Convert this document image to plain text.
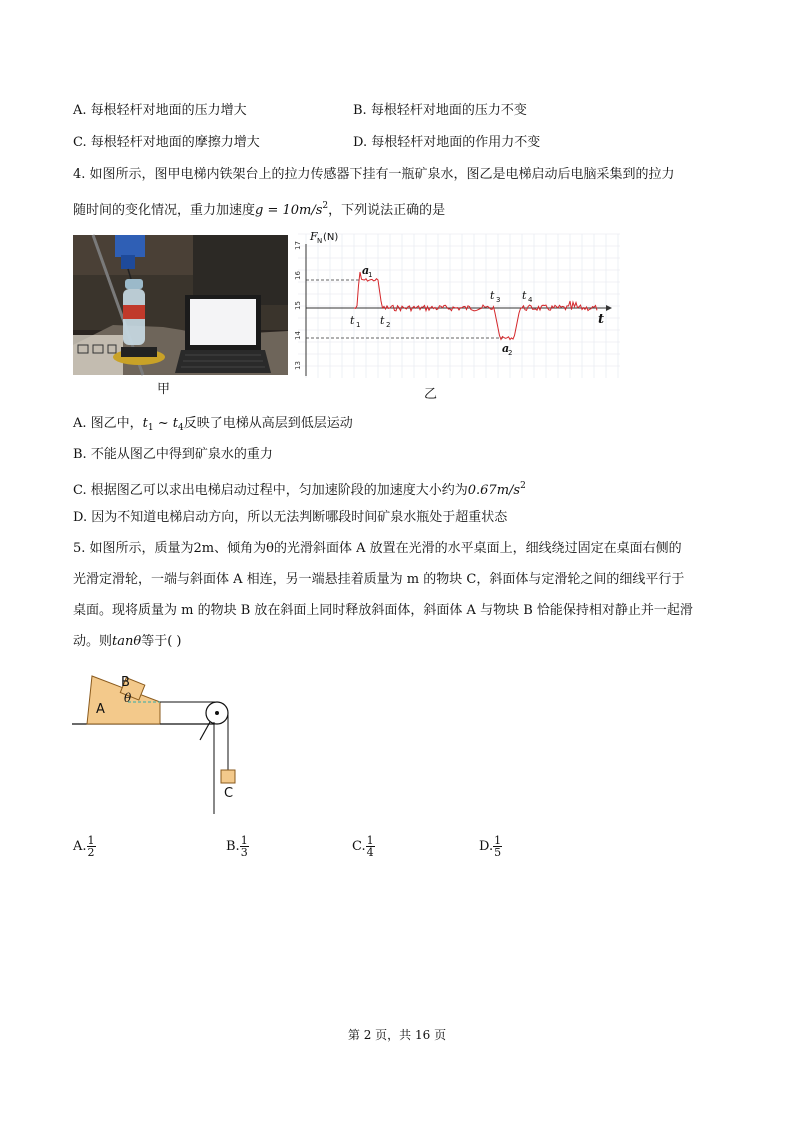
A. 每根轻杆对地面的压力增大	B. 每根轻杆对地面的压力不变
C. 每根轻杆对地面的摩擦力增大	D. 每根轻杆对地面的作用力不变
4. 如图所示，图甲电梯内铁架台上的拉力传感器下挂有一瓶矿泉水，图乙是电梯启动后电脑采集到的拉力
随时间的变化情况，重力加速度$g = 10m/s^2$，下列说法正确的是
甲
17
16
15
14
13
F N (N)
t
a
1
t 1 t 2
t 3 t 4
a
2
乙
A. 图乙中，$t_1$ ~ $t_4$反映了电梯从高层到低层运动
B. 不能从图乙中得到矿泉水的重力
C. 根据图乙可以求出电梯启动过程中，匀加速阶段的加速度大小约为$0.67m/s^2$
D. 因为不知道电梯启动方向，所以无法判断哪段时间矿泉水瓶处于超重状态
5. 如图所示，质量为2m、倾角为θ的光滑斜面体 A 放置在光滑的水平桌面上，细线绕过固定在桌面右侧的
光滑定滑轮，一端与斜面体 A 相连，另一端悬挂着质量为 m 的物块 C，斜面体与定滑轮之间的细线平行于
桌面。现将质量为 m 的物块 B 放在斜面上同时释放斜面体，斜面体 A 与物块 B 恰能保持相对静止并一起滑
动。则tanθ等于( )
A
B
θ
C
A. $\frac{1}{2}$	B. $\frac{1}{3}$	C. $\frac{1}{4}$	D. $\frac{1}{5}$
第 2 页，共 16 页
